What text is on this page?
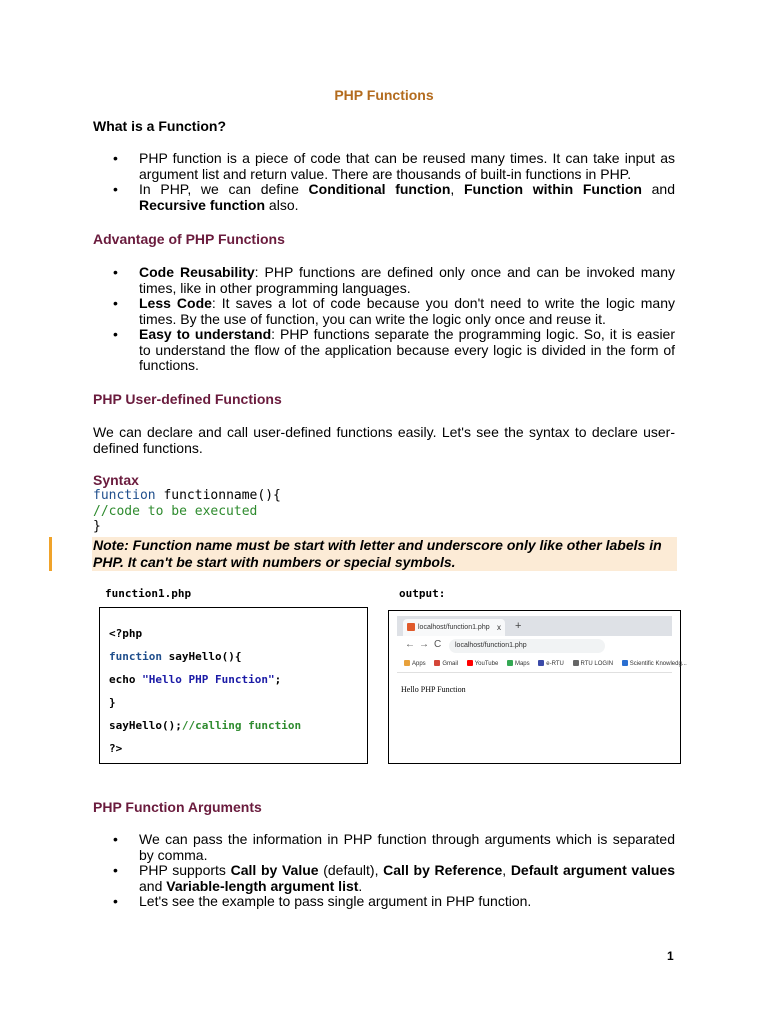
PHP Functions
What is a Function?
• PHP function is a piece of code that can be reused many times. It can take input as argument list and return value. There are thousands of built-in functions in PHP.
• In PHP, we can define Conditional function, Function within Function and Recursive function also.
Advantage of PHP Functions
• Code Reusability: PHP functions are defined only once and can be invoked many times, like in other programming languages.
• Less Code: It saves a lot of code because you don't need to write the logic many times. By the use of function, you can write the logic only once and reuse it.
• Easy to understand: PHP functions separate the programming logic. So, it is easier to understand the flow of the application because every logic is divided in the form of functions.
PHP User-defined Functions

We can declare and call user-defined functions easily. Let's see the syntax to declare user-defined functions.

Syntax
function functionname(){
//code to be executed
}
Note: Function name must be start with letter and underscore only like other labels in PHP. It can't be start with numbers or special symbols.
function1.php	output:
<?php
function sayHello(){
echo "Hello PHP Function";
}
sayHello();//calling function
?>
localhost/function1.php x +
← → C	localhost/function1.php
Apps	Gmail	YouTube	Maps	e-RTU	RTU LOGIN	Scientific Knowledg...
Hello PHP Function
PHP Function Arguments
• We can pass the information in PHP function through arguments which is separated by comma.
• PHP supports Call by Value (default), Call by Reference, Default argument values and Variable-length argument list.
• Let's see the example to pass single argument in PHP function.
1
